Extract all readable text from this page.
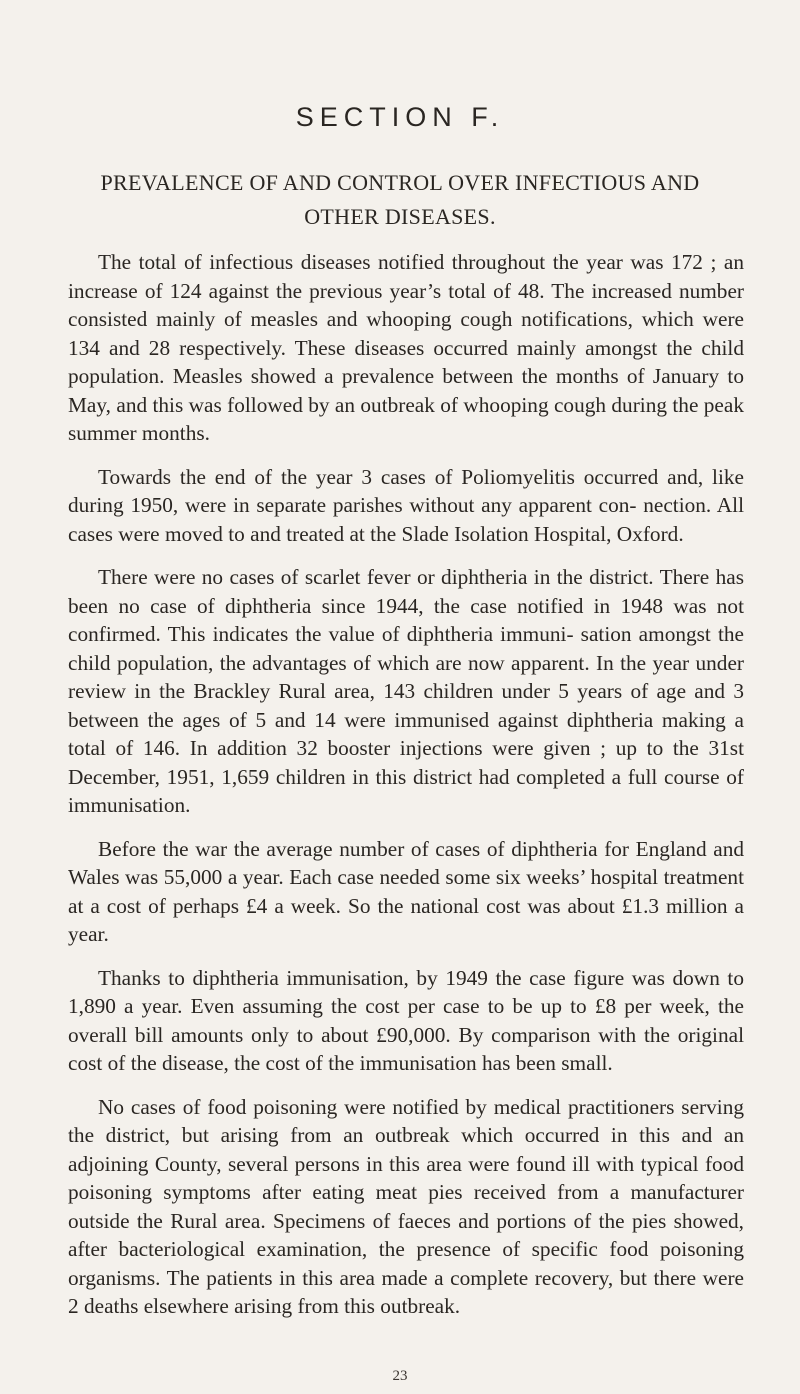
SECTION F.
PREVALENCE OF AND CONTROL OVER INFECTIOUS AND
OTHER DISEASES.

The total of infectious diseases notified throughout the year was 172 ; an increase of 124 against the previous year’s total of 48. The increased number consisted mainly of measles and whooping cough notifications, which were 134 and 28 respectively. These diseases occurred mainly amongst the child population. Measles showed a prevalence between the months of January to May, and this was followed by an outbreak of whooping cough during the peak summer months.

Towards the end of the year 3 cases of Poliomyelitis occurred and, like during 1950, were in separate parishes without any apparent con- nection. All cases were moved to and treated at the Slade Isolation Hospital, Oxford.

There were no cases of scarlet fever or diphtheria in the district. There has been no case of diphtheria since 1944, the case notified in 1948 was not confirmed. This indicates the value of diphtheria immuni- sation amongst the child population, the advantages of which are now apparent. In the year under review in the Brackley Rural area, 143 children under 5 years of age and 3 between the ages of 5 and 14 were immunised against diphtheria making a total of 146. In addition 32 booster injections were given ; up to the 31st December, 1951, 1,659 children in this district had completed a full course of immunisation.

Before the war the average number of cases of diphtheria for England and Wales was 55,000 a year. Each case needed some six weeks’ hospital treatment at a cost of perhaps £4 a week. So the national cost was about £1.3 million a year.

Thanks to diphtheria immunisation, by 1949 the case figure was down to 1,890 a year. Even assuming the cost per case to be up to £8 per week, the overall bill amounts only to about £90,000. By comparison with the original cost of the disease, the cost of the immunisation has been small.

No cases of food poisoning were notified by medical practitioners serving the district, but arising from an outbreak which occurred in this and an adjoining County, several persons in this area were found ill with typical food poisoning symptoms after eating meat pies received from a manufacturer outside the Rural area. Specimens of faeces and portions of the pies showed, after bacteriological examination, the presence of specific food poisoning organisms. The patients in this area made a complete recovery, but there were 2 deaths elsewhere arising from this outbreak.

23
